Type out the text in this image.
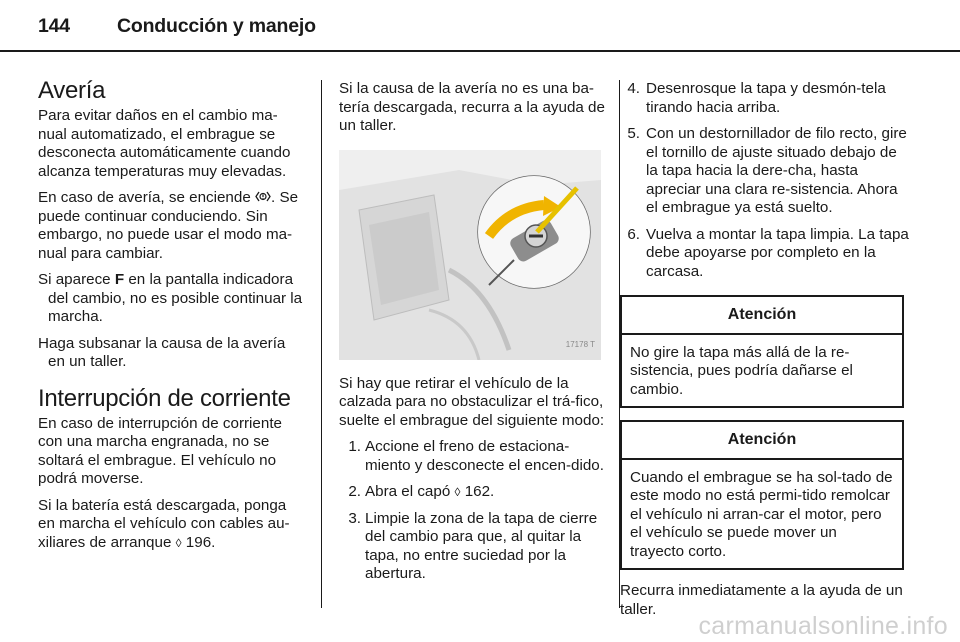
144 Conducción y manejo
Avería

Para evitar daños en el cambio ma-nual automatizado, el embrague se desconecta automáticamente cuando alcanza temperaturas muy elevadas.

En caso de avería, se enciende . Se puede continuar conduciendo. Sin embargo, no puede usar el modo ma-nual para cambiar.

Si aparece F en la pantalla indicadora del cambio, no es posible continuar la marcha.

Haga subsanar la causa de la avería en un taller.

Interrupción de corriente

En caso de interrupción de corriente con una marcha engranada, no se soltará el embrague. El vehículo no podrá moverse.

Si la batería está descargada, ponga en marcha el vehículo con cables au-xiliares de arranque ◊ 196.

Si la causa de la avería no es una ba-tería descargada, recurra a la ayuda de un taller.

17178 T

Si hay que retirar el vehículo de la calzada para no obstaculizar el trá-fico, suelte el embrague del siguiente modo:

1. Accione el freno de estaciona-miento y desconecte el encen-dido.
2. Abra el capó ◊ 162.
3. Limpie la zona de la tapa de cierre del cambio para que, al quitar la tapa, no entre suciedad por la abertura.
4. Desenrosque la tapa y desmón-tela tirando hacia arriba.
5. Con un destornillador de filo recto, gire el tornillo de ajuste situado debajo de la tapa hacia la dere-cha, hasta apreciar una clara re-sistencia. Ahora el embrague ya está suelto.
6. Vuelva a montar la tapa limpia. La tapa debe apoyarse por completo en la carcasa.
Atención
No gire la tapa más allá de la re-sistencia, pues podría dañarse el cambio.
Atención
Cuando el embrague se ha sol-tado de este modo no está permi-tido remolcar el vehículo ni arran-car el motor, pero el vehículo se puede mover un trayecto corto.

Recurra inmediatamente a la ayuda de un taller.

carmanualsonline.info
